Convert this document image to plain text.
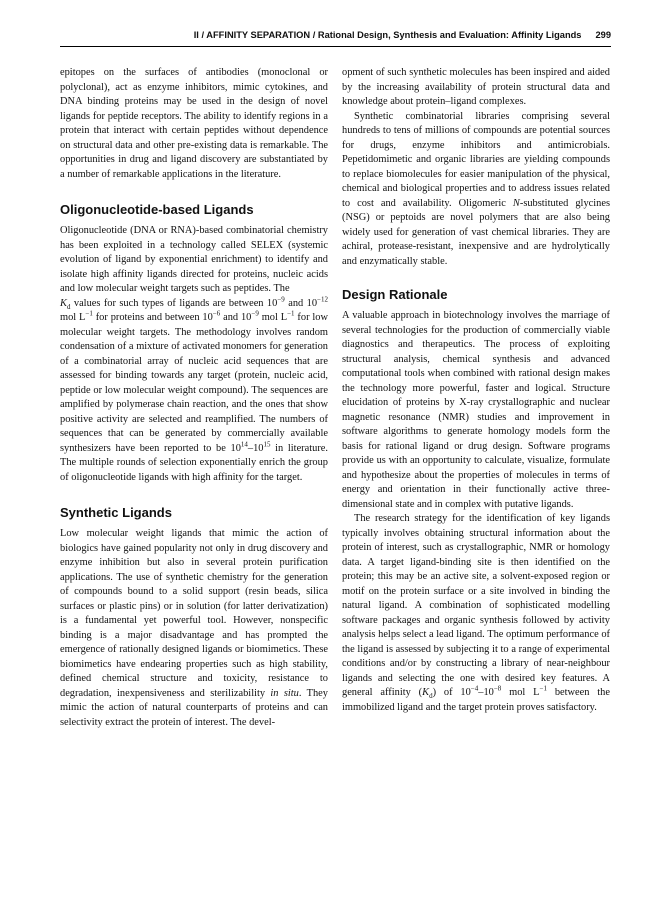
II / AFFINITY SEPARATION / Rational Design, Synthesis and Evaluation: Affinity Ligands 299

epitopes on the surfaces of antibodies (monoclonal or polyclonal), act as enzyme inhibitors, mimic cytokines, and DNA binding proteins may be used in the design of novel ligands for peptide receptors. The ability to identify regions in a protein that interact with certain peptides without dependence on structural data and other pre-existing data is remarkable. The opportunities in drug and ligand discovery are substantiated by a number of remarkable applications in the literature.

Oligonucleotide-based Ligands

Oligonucleotide (DNA or RNA)-based combinatorial chemistry has been exploited in a technology called SELEX (systemic evolution of ligand by exponential enrichment) to identify and isolate high affinity ligands directed for proteins, nucleic acids and low molecular weight targets such as peptides. The
$K_d$ values for such types of ligands are between $10^{-9}$ and $10^{-12}$ mol $L^{-1}$ for proteins and between $10^{-6}$ and $10^{-9}$ mol $L^{-1}$ for low molecular weight targets. The methodology involves random condensation of a mixture of activated monomers for generation of a combinatorial array of nucleic acid sequences that are assessed for binding towards any target (protein, nucleic acid, peptide or low molecular weight compound). The sequences are amplified by polymerase chain reaction, and the ones that show positive activity are selected and reamplified. The numbers of sequences that can be generated by commercially available synthesizers have been reported to be $10^{14}-10^{15}$ in literature. The multiple rounds of selection exponentially enrich the group of oligonucleotide ligands with high affinity for the target.

Synthetic Ligands

Low molecular weight ligands that mimic the action of biologics have gained popularity not only in drug discovery and enzyme inhibition but also in several protein purification applications. The use of synthetic chemistry for the generation of compounds bound to a solid support (resin beads, silica surfaces or plastic pins) or in solution (for latter derivatization) is a fundamental yet powerful tool. However, nonspecific binding is a major disadvantage and has prompted the emergence of rationally designed ligands or biomimetics. These biomimetics have endearing properties such as high stability, defined chemical structure and toxicity, resistance to degradation, inexpensiveness and sterilizability in situ. They mimic the action of natural counterparts of proteins and can selectivity extract the protein of interest. The devel-

opment of such synthetic molecules has been inspired and aided by the increasing availability of protein structural data and knowledge about protein–ligand complexes.

Synthetic combinatorial libraries comprising several hundreds to tens of millions of compounds are potential sources for drugs, enzyme inhibitors and antimicrobials. Pepetidomimetic and organic libraries are yielding compounds to replace biomolecules for easier manipulation of the physical, chemical and biological properties and to address issues related to cost and availability. Oligomeric N-substituted glycines (NSG) or peptoids are novel polymers that are also being widely used for generation of vast chemical libraries. They are achiral, protease-resistant, inexpensive and are hydrolytically and enzymatically stable.

Design Rationale

A valuable approach in biotechnology involves the marriage of several technologies for the production of commercially viable diagnostics and therapeutics. The process of exploiting structural analysis, chemical synthesis and advanced computational tools when combined with rational design makes the technology more powerful, faster and logical. Structure elucidation of proteins by X-ray crystallographic and nuclear magnetic resonance (NMR) studies and improvement in software algorithms to generate homology models form the basis for rational ligand or drug design. Software programs provide us with an opportunity to calculate, visualize, formulate and hypothesize about the properties of molecules in terms of energy and orientation in their functionally active three-dimensional state and in complex with putative ligands.

The research strategy for the identification of key ligands typically involves obtaining structural information about the protein of interest, such as crystallographic, NMR or homology data. A target ligand-binding site is then identified on the protein; this may be an active site, a solvent-exposed region or motif on the protein surface or a site involved in binding the natural ligand. A combination of sophisticated modelling software packages and organic synthesis followed by activity analysis helps select a lead ligand. The optimum performance of the ligand is assessed by subjecting it to a range of experimental conditions and/or by constructing a library of near-neighbour ligands and selecting the one with desired key features. A general affinity $(K_d)$ of $10^{-4}-10^{-8}$ mol $L^{-1}$ between the immobilized ligand and the target protein proves satisfactory.
